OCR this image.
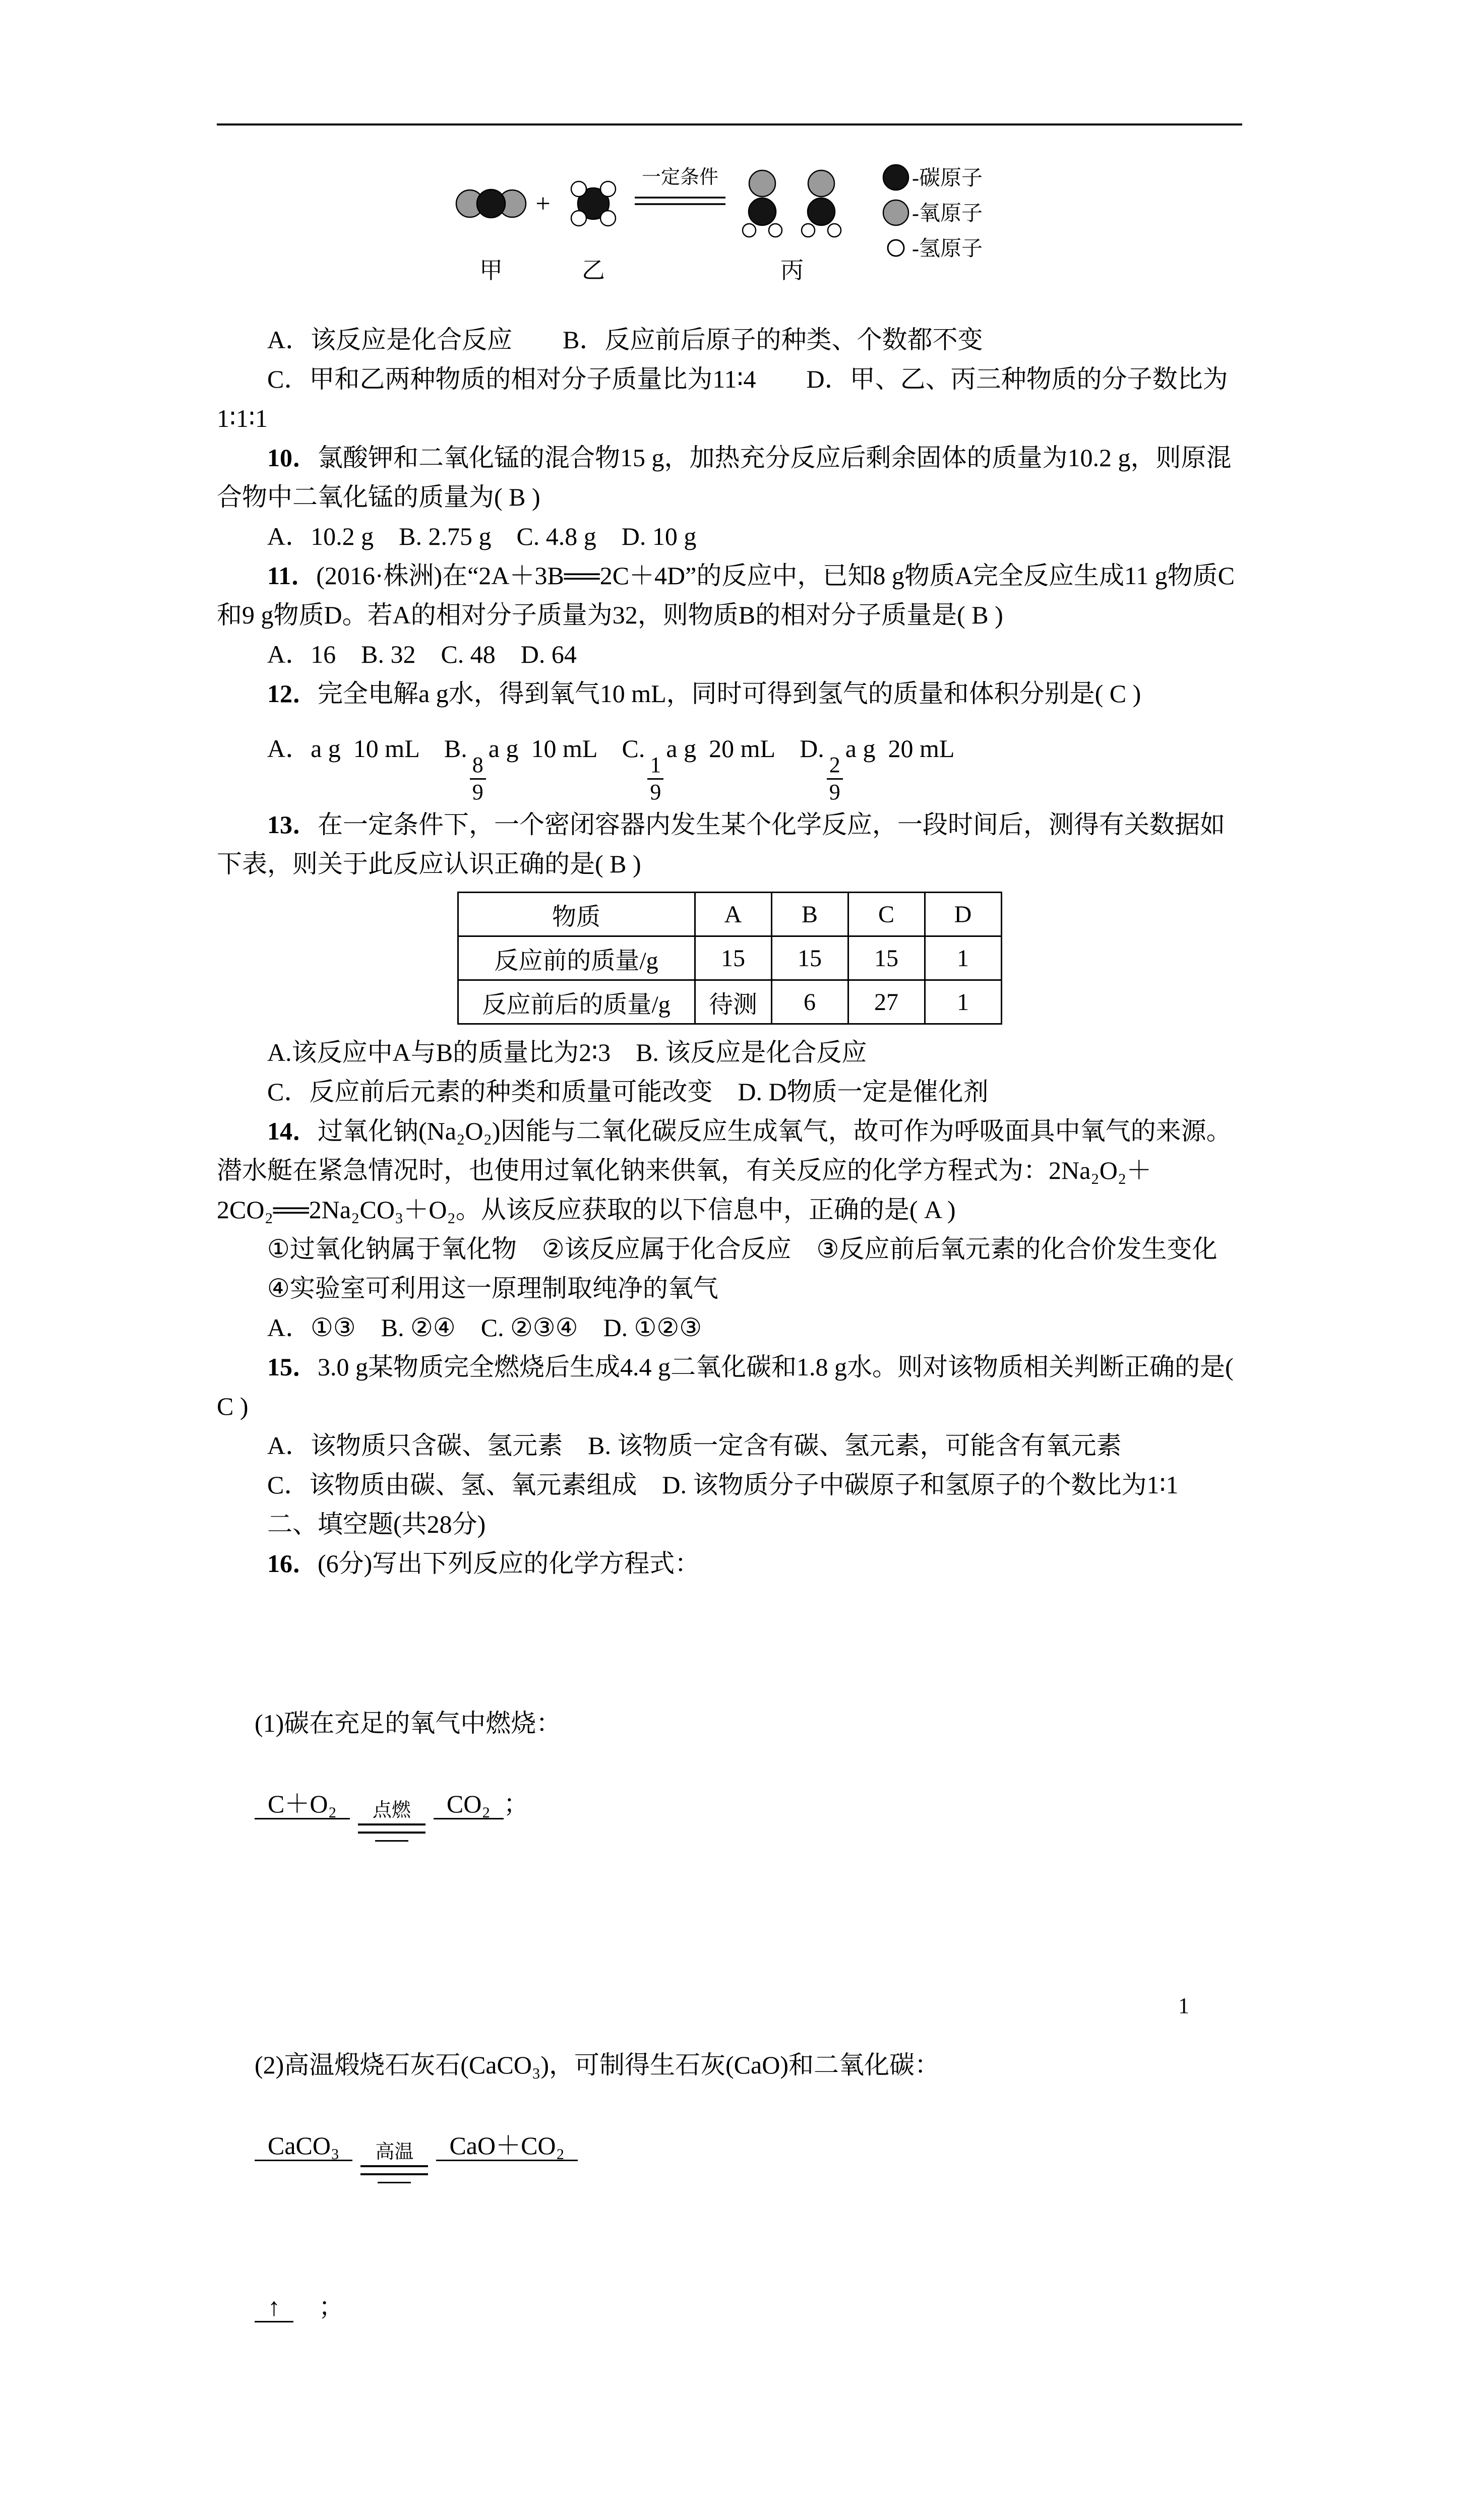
+
一定条件
甲	乙	丙
-碳原子
-氧原子
-氢原子

A．该反应是化合反应　　B．反应前后原子的种类、个数都不变

C．甲和乙两种物质的相对分子质量比为11∶4　　D．甲、乙、丙三种物质的分子数比为1∶1∶1

10．氯酸钾和二氧化锰的混合物15 g，加热充分反应后剩余固体的质量为10.2 g，则原混合物中二氧化锰的质量为( B )

A．10.2 g　B. 2.75 g　C. 4.8 g　D. 10 g

11．(2016·株洲)在“2A＋3B══2C＋4D”的反应中，已知8 g物质A完全反应生成11 g物质C和9 g物质D。若A的相对分子质量为32，则物质B的相对分子质量是( B )

A．16　B. 32　C. 48　D. 64

12．完全电解a g水，得到氧气10 mL，同时可得到氢气的质量和体积分别是( C )

A．a g  10 mL　B.
$\frac{8}{9}$
a g  10 mL　C.
$\frac{1}{9}$
a g  20 mL　D.
$\frac{2}{9}$
a g  20 mL

13．在一定条件下，一个密闭容器内发生某个化学反应，一段时间后，测得有关数据如下表，则关于此反应认识正确的是( B )

物质	A	B	C	D
反应前的质量/g	15	15	15	1
反应前后的质量/g	待测	6	27	1

A.该反应中A与B的质量比为2∶3　B. 该反应是化合反应

C．反应前后元素的种类和质量可能改变　D. D物质一定是催化剂

14．过氧化钠(Na₂O₂)因能与二氧化碳反应生成氧气，故可作为呼吸面具中氧气的来源。潜水艇在紧急情况时，也使用过氧化钠来供氧，有关反应的化学方程式为：2Na₂O₂＋2CO₂══2Na₂CO₃＋O₂。从该反应获取的以下信息中，正确的是( A )

①过氧化钠属于氧化物　②该反应属于化合反应　③反应前后氧元素的化合价发生变化

④实验室可利用这一原理制取纯净的氧气

A．①③　B. ②④　C. ②③④　D. ①②③

15．3.0 g某物质完全燃烧后生成4.4 g二氧化碳和1.8 g水。则对该物质相关判断正确的是( C )

A．该物质只含碳、氢元素　B. 该物质一定含有碳、氢元素，可能含有氧元素

C．该物质由碳、氢、氧元素组成　D. 该物质分子中碳原子和氢原子的个数比为1∶1

二、填空题(共28分)

16．(6分)写出下列反应的化学方程式：

(1)碳在充足的氧气中燃烧：
C＋O₂ 点燃 CO₂ ；

(2)高温煅烧石灰石(CaCO₃)，可制得生石灰(CaO)和二氧化碳：
CaCO₃ 高温 CaO＋CO₂

↑　；

1
